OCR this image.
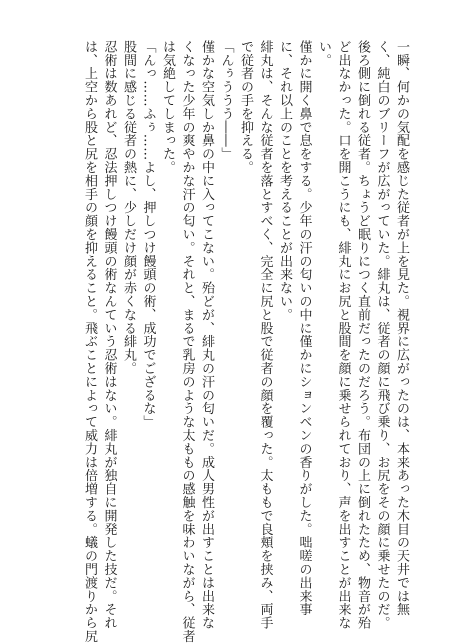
一瞬、何かの気配を感じた従者が上を見た。視界に広がったのは、本来あった木目の天井では無
く、純白のブリーフが広がっていた。緋丸は、従者の顔に飛び乗り、お尻をその顔に乗せたのだ。
後ろ側に倒れる従者。ちょうど眠りにつく直前だったのだろう。布団の上に倒れたため、物音が殆
ど出なかった。口を開こうにも、緋丸にお尻と股間を顔に乗せられており、声を出すことが出来な
い。
僅かに開く鼻で息をする。少年の汗の匂いの中に僅かにションベンの香りがした。咄嗟の出来事
に、それ以上のことを考えることが出来ない。
緋丸は、そんな従者を落とすべく、完全に尻と股で従者の顔を覆った。太ももで良頬を挟み、両手
で従者の手を抑える。
「んぅううう――」
僅かな空気しか鼻の中に入ってこない。殆どが、緋丸の汗の匂いだ。成人男性が出すことは出来な
くなった少年の爽やかな汗の匂い。それと、まるで乳房のような太ももの感触を味わいながら、従者
は気絶してしまった。
「んっ……ふぅ……よし、押しつけ饅頭の術、成功でござるな」
股間に感じる従者の熱に、少しだけ顔が赤くなる緋丸。
忍術は数あれど、忍法押しつけ饅頭の術なんていう忍術はない。緋丸が独自に開発した技だ。それ
は、上空から股と尻を相手の顔を抑えること。飛ぶことによって威力は倍増する。蟻の門渡りから尻
